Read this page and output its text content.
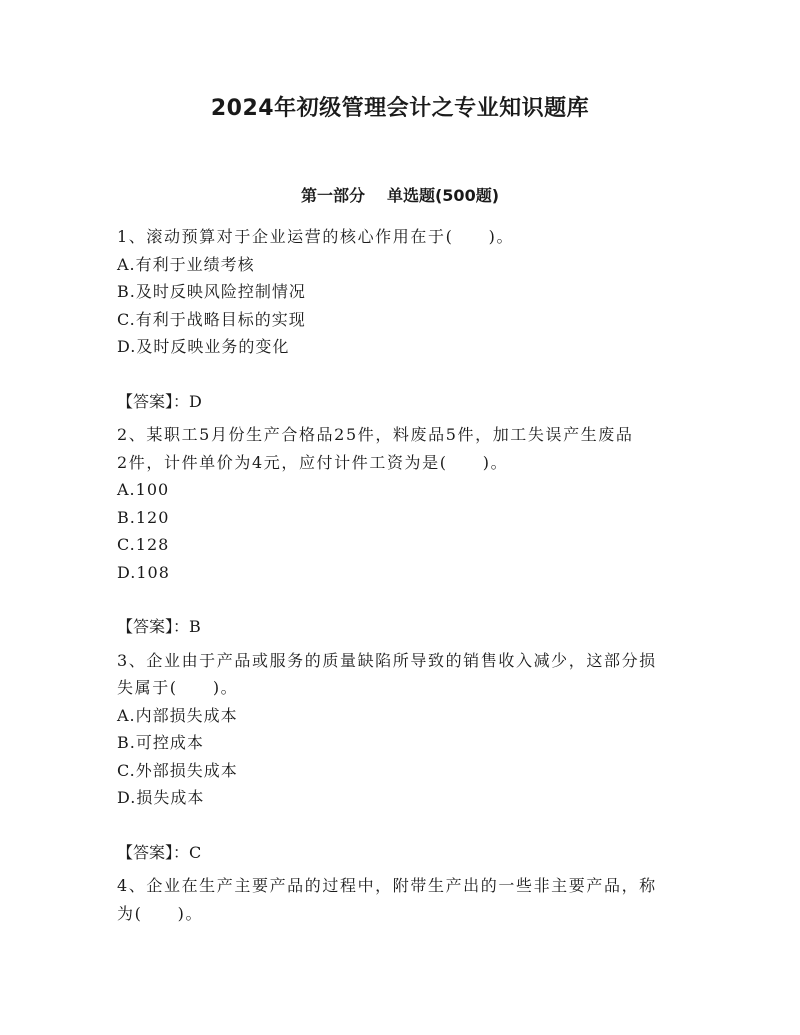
2024年初级管理会计之专业知识题库
第一部分 单选题(500题)
1、滚动预算对于企业运营的核心作用在于(　　)。
A.有利于业绩考核
B.及时反映风险控制情况
C.有利于战略目标的实现
D.及时反映业务的变化
【答案】：D
2、某职工5月份生产合格品25件，料废品5件，加工失误产生废品
2件，计件单价为4元，应付计件工资为是(　　)。
A.100
B.120
C.128
D.108
【答案】：B
3、企业由于产品或服务的质量缺陷所导致的销售收入减少，这部分损
失属于(　　)。
A.内部损失成本
B.可控成本
C.外部损失成本
D.损失成本
【答案】：C
4、企业在生产主要产品的过程中，附带生产出的一些非主要产品，称
为(　　)。
